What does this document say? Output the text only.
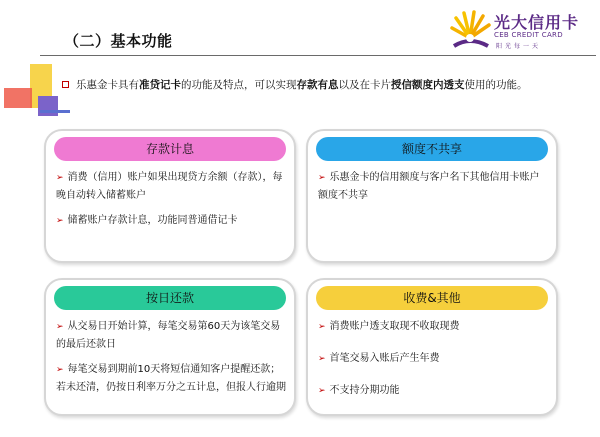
（二）基本功能
光大信用卡
CEB CREDIT CARD
阳光每一天
乐惠金卡具有准贷记卡的功能及特点，可以实现存款有息以及在卡片授信额度内透支使用的功能。
存款计息
➢ 消费（信用）账户如果出现贷方余额（存款），每晚自动转入储蓄账户
➢ 储蓄账户存款计息，功能同普通借记卡
额度不共享
➢ 乐惠金卡的信用额度与客户名下其他信用卡账户额度不共享
按日还款
➢ 从交易日开始计算，每笔交易第60天为该笔交易的最后还款日
➢ 每笔交易到期前10天将短信通知客户提醒还款；若未还清，仍按日利率万分之五计息，但报人行逾期
收费&其他
➢ 消费账户透支取现不收取现费
➢ 首笔交易入账后产生年费
➢ 不支持分期功能
